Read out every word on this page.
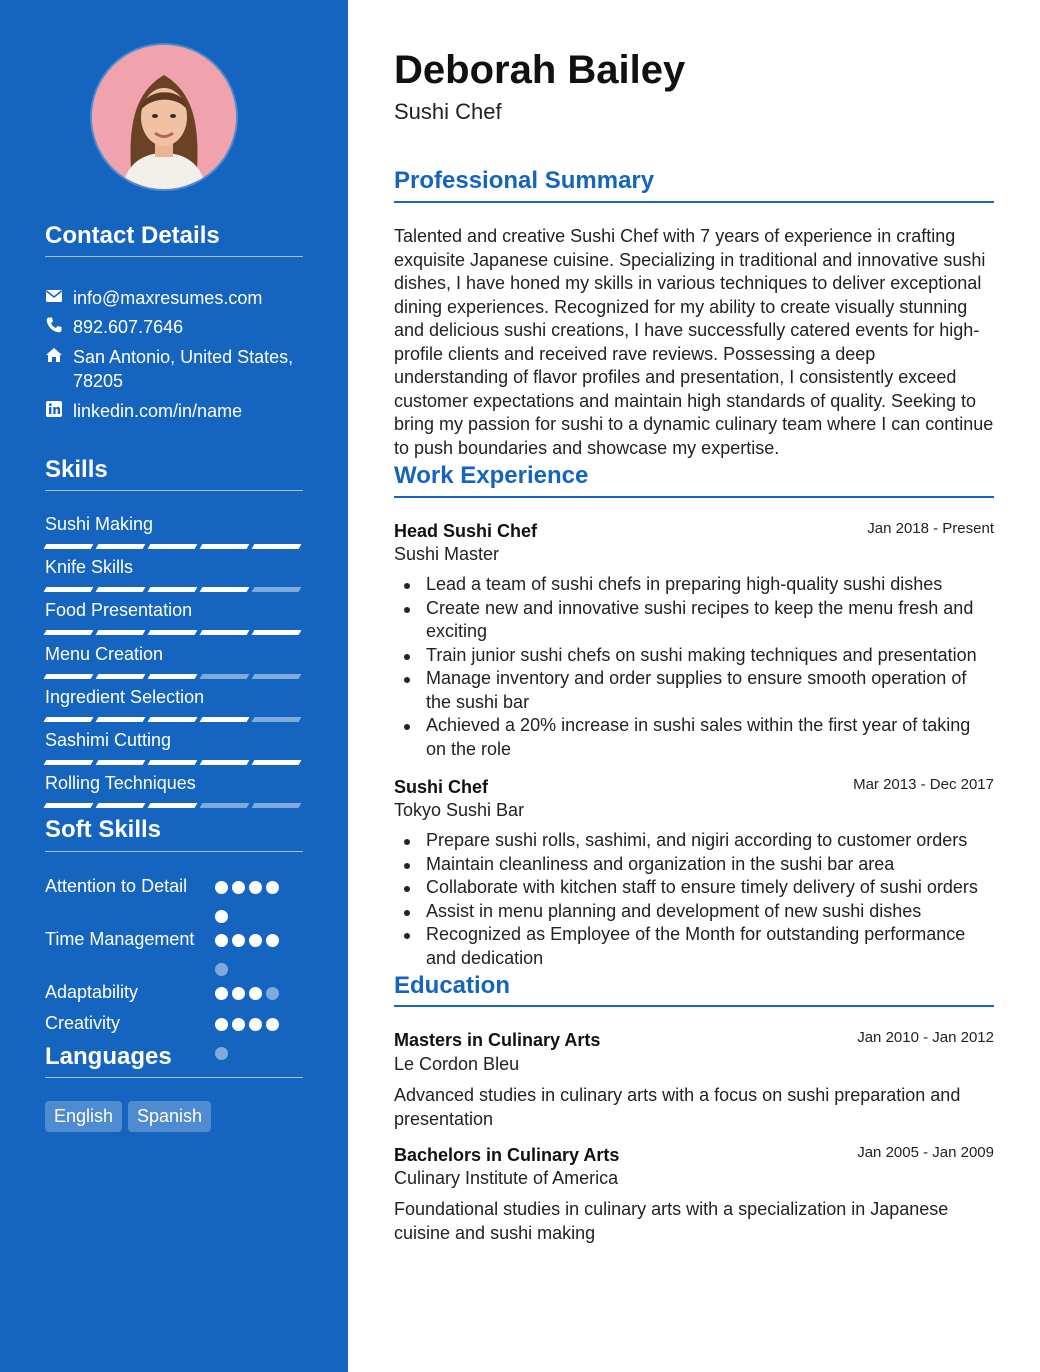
Contact Details
info@maxresumes.com
892.607.7646
San Antonio, United States, 78205
linkedin.com/in/name
Skills
Sushi Making
Knife Skills
Food Presentation
Menu Creation
Ingredient Selection
Sashimi Cutting
Rolling Techniques
Soft Skills
Attention to Detail
Time Management
Adaptability
Creativity
Languages
English	Spanish
Deborah Bailey
Sushi Chef
Professional Summary

Talented and creative Sushi Chef with 7 years of experience in crafting exquisite Japanese cuisine. Specializing in traditional and innovative sushi dishes, I have honed my skills in various techniques to deliver exceptional dining experiences. Recognized for my ability to create visually stunning and delicious sushi creations, I have successfully catered events for high-profile clients and received rave reviews. Possessing a deep understanding of flavor profiles and presentation, I consistently exceed customer expectations and maintain high standards of quality. Seeking to bring my passion for sushi to a dynamic culinary team where I can continue to push boundaries and showcase my expertise.

Work Experience
Head Sushi Chef	Jan 2018 - Present
Sushi Master
Lead a team of sushi chefs in preparing high-quality sushi dishes
Create new and innovative sushi recipes to keep the menu fresh and exciting
Train junior sushi chefs on sushi making techniques and presentation
Manage inventory and order supplies to ensure smooth operation of the sushi bar
Achieved a 20% increase in sushi sales within the first year of taking on the role
Sushi Chef	Mar 2013 - Dec 2017
Tokyo Sushi Bar
Prepare sushi rolls, sashimi, and nigiri according to customer orders
Maintain cleanliness and organization in the sushi bar area
Collaborate with kitchen staff to ensure timely delivery of sushi orders
Assist in menu planning and development of new sushi dishes
Recognized as Employee of the Month for outstanding performance and dedication
Education
Masters in Culinary Arts	Jan 2010 - Jan 2012
Le Cordon Bleu

Advanced studies in culinary arts with a focus on sushi preparation and presentation

Bachelors in Culinary Arts	Jan 2005 - Jan 2009
Culinary Institute of America

Foundational studies in culinary arts with a specialization in Japanese cuisine and sushi making
